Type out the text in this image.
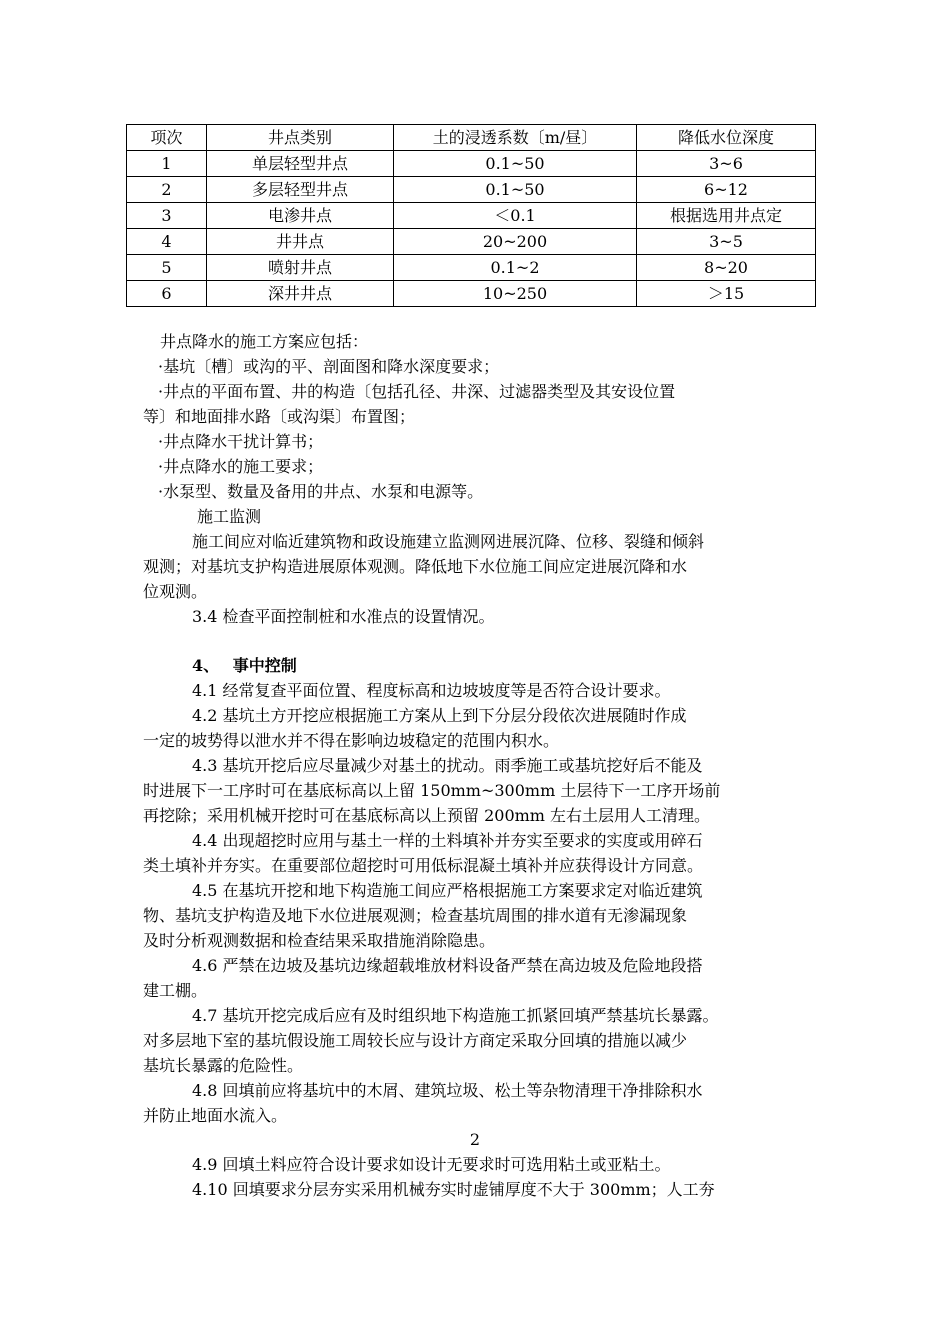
项次	井点类别	土的浸透系数〔m/昼〕	降低水位深度
1	单层轻型井点	0.1~50	3~6
2	多层轻型井点	0.1~50	6~12
3	电渗井点	＜0.1	根据选用井点定
4	井井点	20~200	3~5
5	喷射井点	0.1~2	8~20
6	深井井点	10~250	＞15
井点降水的施工方案应包括：
·基坑〔槽〕或沟的平、剖面图和降水深度要求；
·井点的平面布置、井的构造〔包括孔径、井深、过滤器类型及其安设位置
等〕和地面排水路〔或沟渠〕布置图；
·井点降水干扰计算书；
·井点降水的施工要求；
·水泵型、数量及备用的井点、水泵和电源等。
施工监测
施工间应对临近建筑物和政设施建立监测网进展沉降、位移、裂缝和倾斜
观测；对基坑支护构造进展原体观测。降低地下水位施工间应定进展沉降和水
位观测。
3.4 检查平面控制桩和水准点的设置情况。
4、　 事中控制
4.1 经常复查平面位置、程度标高和边坡坡度等是否符合设计要求。
4.2 基坑土方开挖应根据施工方案从上到下分层分段依次进展随时作成
一定的坡势得以泄水并不得在影响边坡稳定的范围内积水。
4.3 基坑开挖后应尽量减少对基土的扰动。雨季施工或基坑挖好后不能及
时进展下一工序时可在基底标高以上留 150mm~300mm 土层待下一工序开场前
再挖除；采用机械开挖时可在基底标高以上预留 200mm 左右土层用人工清理。
4.4 出现超挖时应用与基土一样的土料填补并夯实至要求的实度或用碎石
类土填补并夯实。在重要部位超挖时可用低标混凝土填补并应获得设计方同意。
4.5 在基坑开挖和地下构造施工间应严格根据施工方案要求定对临近建筑
物、基坑支护构造及地下水位进展观测；检查基坑周围的排水道有无渗漏现象
及时分析观测数据和检查结果采取措施消除隐患。
4.6 严禁在边坡及基坑边缘超载堆放材料设备严禁在高边坡及危险地段搭
建工棚。
4.7 基坑开挖完成后应有及时组织地下构造施工抓紧回填严禁基坑长暴露。
对多层地下室的基坑假设施工周较长应与设计方商定采取分回填的措施以减少
基坑长暴露的危险性。
4.8 回填前应将基坑中的木屑、建筑垃圾、松土等杂物清理干净排除积水
并防止地面水流入。
2
4.9 回填土料应符合设计要求如设计无要求时可选用粘土或亚粘土。
4.10 回填要求分层夯实采用机械夯实时虚铺厚度不大于 300mm；人工夯
